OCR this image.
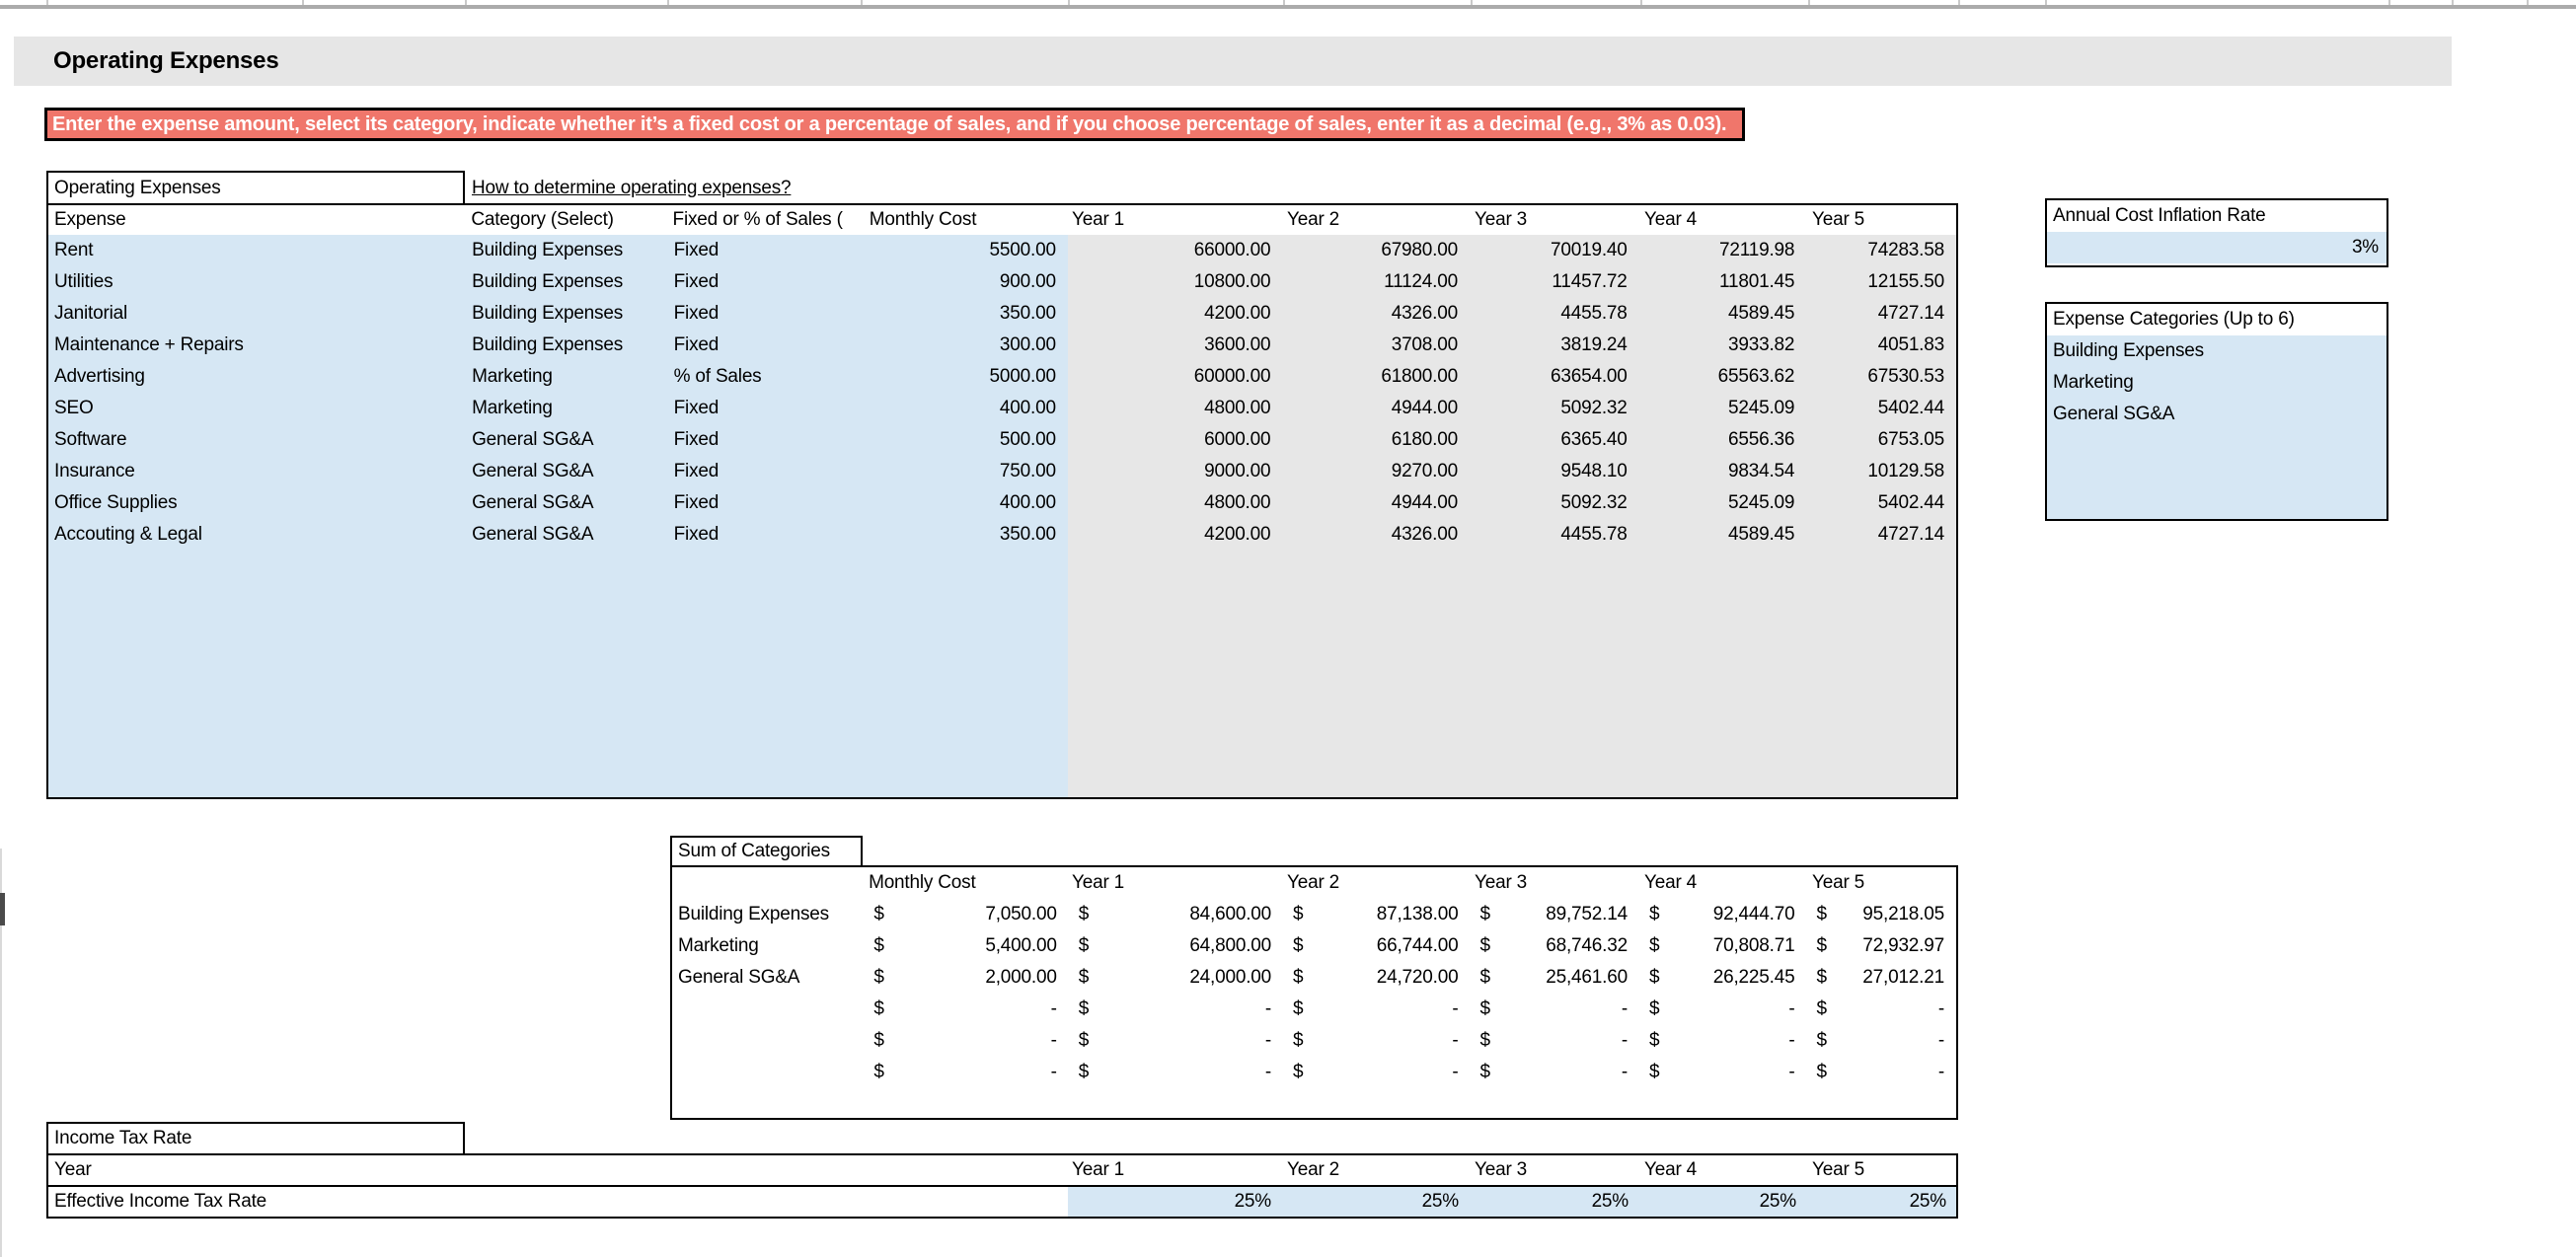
Operating Expenses
Enter the expense amount, select its category, indicate whether it’s a fixed cost or a percentage of sales, and if you choose percentage of sales, enter it as a decimal (e.g., 3% as 0.03).
Operating Expenses	How to determine operating expenses?
Expense	Category (Select)	Fixed or % of Sales (	Monthly Cost	Year 1	Year 2	Year 3	Year 4	Year 5
Rent	Building Expenses	Fixed	5500.00	66000.00	67980.00	70019.40	72119.98	74283.58
Utilities	Building Expenses	Fixed	900.00	10800.00	11124.00	11457.72	11801.45	12155.50
Janitorial	Building Expenses	Fixed	350.00	4200.00	4326.00	4455.78	4589.45	4727.14
Maintenance + Repairs	Building Expenses	Fixed	300.00	3600.00	3708.00	3819.24	3933.82	4051.83
Advertising	Marketing	% of Sales	5000.00	60000.00	61800.00	63654.00	65563.62	67530.53
SEO	Marketing	Fixed	400.00	4800.00	4944.00	5092.32	5245.09	5402.44
Software	General SG&A	Fixed	500.00	6000.00	6180.00	6365.40	6556.36	6753.05
Insurance	General SG&A	Fixed	750.00	9000.00	9270.00	9548.10	9834.54	10129.58
Office Supplies	General SG&A	Fixed	400.00	4800.00	4944.00	5092.32	5245.09	5402.44
Accouting & Legal	General SG&A	Fixed	350.00	4200.00	4326.00	4455.78	4589.45	4727.14
Annual Cost Inflation Rate
3%
Expense Categories (Up to 6)
Building Expenses
Marketing
General SG&A
Sum of Categories
Monthly Cost	Year 1	Year 2	Year 3	Year 4	Year 5
Building Expenses	$	7,050.00 $	84,600.00 $	87,138.00 $	89,752.14 $	92,444.70 $ 95,218.05
Marketing	$	5,400.00 $	64,800.00 $	66,744.00 $	68,746.32 $	70,808.71 $ 72,932.97
General SG&A	$	2,000.00 $	24,000.00 $	24,720.00 $	25,461.60 $	26,225.45 $ 27,012.21
$	- $	- $	- $	- $	- $	-
$	- $	- $	- $	- $	- $	-
$	- $	- $	- $	- $	- $	-
Income Tax Rate
Year	Year 1	Year 2	Year 3	Year 4	Year 5
Effective Income Tax Rate	25%	25%	25%	25%	25%
